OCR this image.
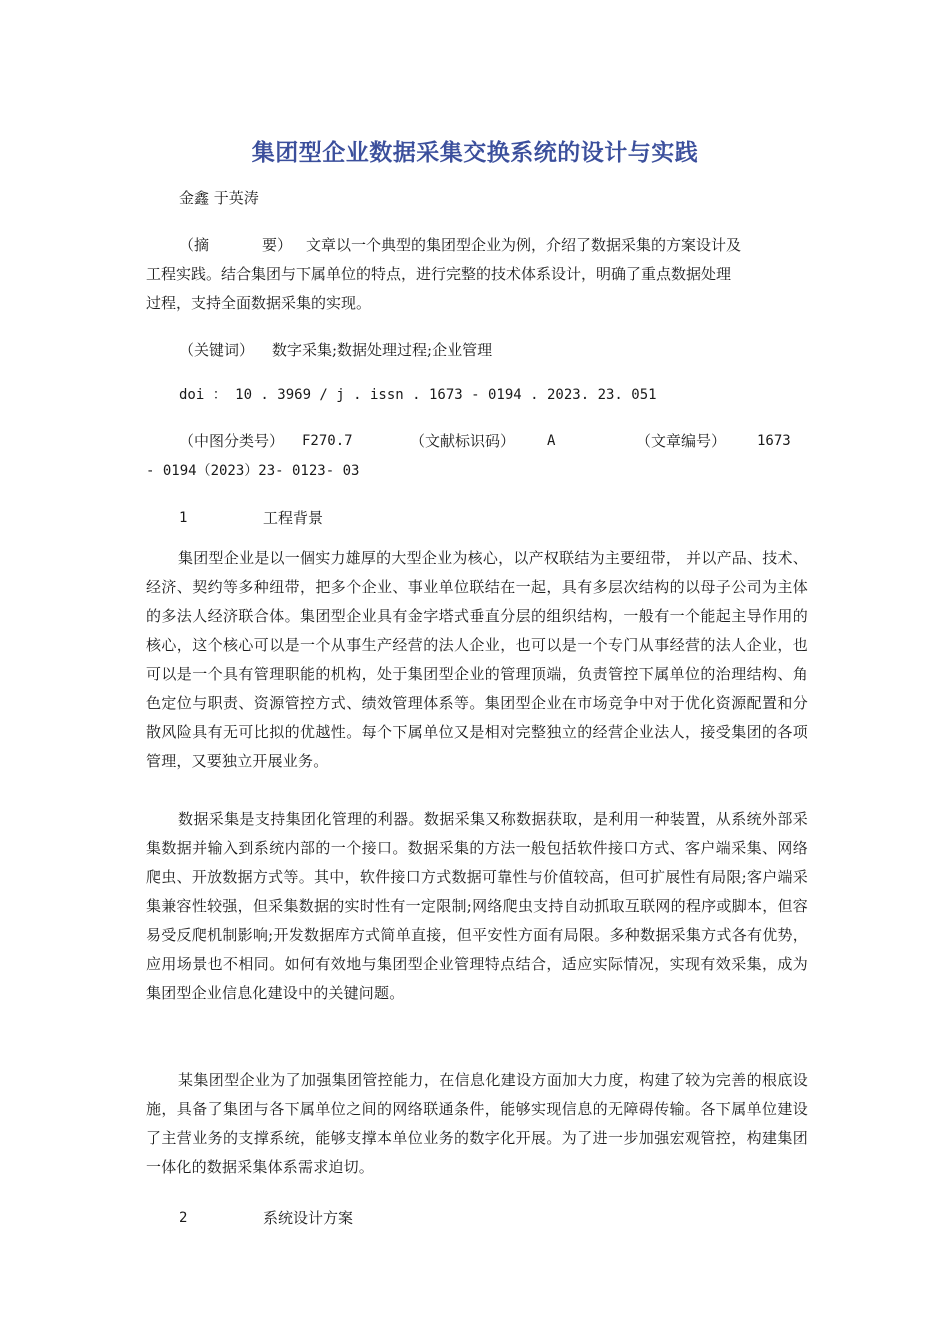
集团型企业数据采集交换系统的设计与实践
金鑫 于英涛
（摘	要） 文章以一个典型的集团型企业为例，介绍了数据采集的方案设计及
工程实践。结合集团与下属单位的特点，进行完整的技术体系设计，明确了重点数据处理
过程，支持全面数据采集的实现。
（关键词） 数字采集;数据处理过程;企业管理
doi ： 10 . 3969 / j . issn . 1673 - 0194 . 2023. 23. 051
（中图分类号） F270.7	（文献标识码） A	（文章编号） 1673
- 0194（2023）23- 0123- 03
1	工程背景
集团型企业是以一個实力雄厚的大型企业为核心，以产权联结为主要纽带， 并以产品、技术、经济、契约等多种纽带，把多个企业、事业单位联结在一起，具有多层次结构的以母子公司为主体的多法人经济联合体。集团型企业具有金字塔式垂直分层的组织结构，一般有一个能起主导作用的核心，这个核心可以是一个从事生产经营的法人企业，也可以是一个专门从事经营的法人企业，也可以是一个具有管理职能的机构，处于集团型企业的管理顶端，负责管控下属单位的治理结构、角色定位与职责、资源管控方式、绩效管理体系等。集团型企业在市场竞争中对于优化资源配置和分散风险具有无可比拟的优越性。每个下属单位又是相对完整独立的经营企业法人，接受集团的各项管理，又要独立开展业务。
数据采集是支持集团化管理的利器。数据采集又称数据获取，是利用一种装置，从系统外部采集数据并输入到系统内部的一个接口。数据采集的方法一般包括软件接口方式、客户端采集、网络爬虫、开放数据方式等。其中，软件接口方式数据可靠性与价值较高，但可扩展性有局限;客户端采集兼容性较强，但采集数据的实时性有一定限制;网络爬虫支持自动抓取互联网的程序或脚本，但容易受反爬机制影响;开发数据库方式简单直接，但平安性方面有局限。多种数据采集方式各有优势，应用场景也不相同。如何有效地与集团型企业管理特点结合，适应实际情况，实现有效采集，成为集团型企业信息化建设中的关键问题。
某集团型企业为了加强集团管控能力，在信息化建设方面加大力度，构建了较为完善的根底设施，具备了集团与各下属单位之间的网络联通条件，能够实现信息的无障碍传输。各下属单位建设了主营业务的支撑系统，能够支撑本单位业务的数字化开展。为了进一步加强宏观管控，构建集团一体化的数据采集体系需求迫切。
2	系统设计方案
